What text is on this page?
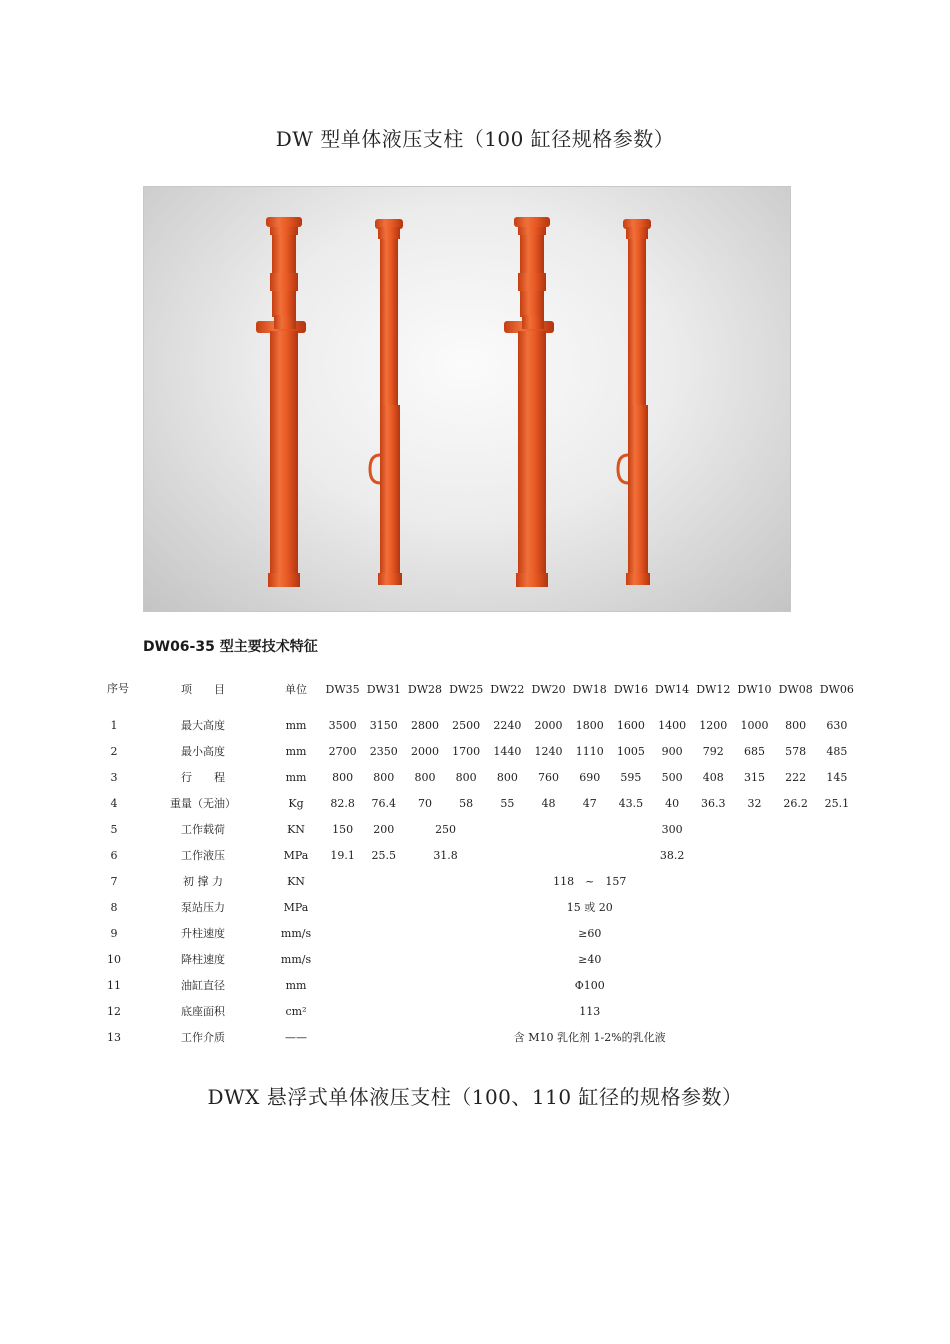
DW 型单体液压支柱（100 缸径规格参数）
DW06-35 型主要技术特征
序号	项　　目	单位	DW35	DW31	DW28	DW25	DW22	DW20	DW18	DW16	DW14	DW12	DW10	DW08	DW06
1	最大高度	mm	3500	3150	2800	2500	2240	2000	1800	1600	1400	1200	1000	800	630
2	最小高度	mm	2700	2350	2000	1700	1440	1240	1110	1005	900	792	685	578	485
3	行　　程	mm	800	800	800	800	800	760	690	595	500	408	315	222	145
4	重量（无油）	Kg	82.8	76.4	70	58	55	48	47	43.5	40	36.3	32	26.2	25.1
5	工作载荷	KN	150	200	250		300								
6	工作液压	MPa	19.1	25.5	31.8		38.2								
7	初 撑 力	KN	118　~　157												
8	泵站压力	MPa	15 或 20												
9	升柱速度	mm/s	≥60												
10	降柱速度	mm/s	≥40												
11	油缸直径	mm	Φ100												
12	底座面积	cm²	113												
13	工作介质	——	含 M10 乳化剂 1-2%的乳化液												
DWX 悬浮式单体液压支柱（100、110 缸径的规格参数）
